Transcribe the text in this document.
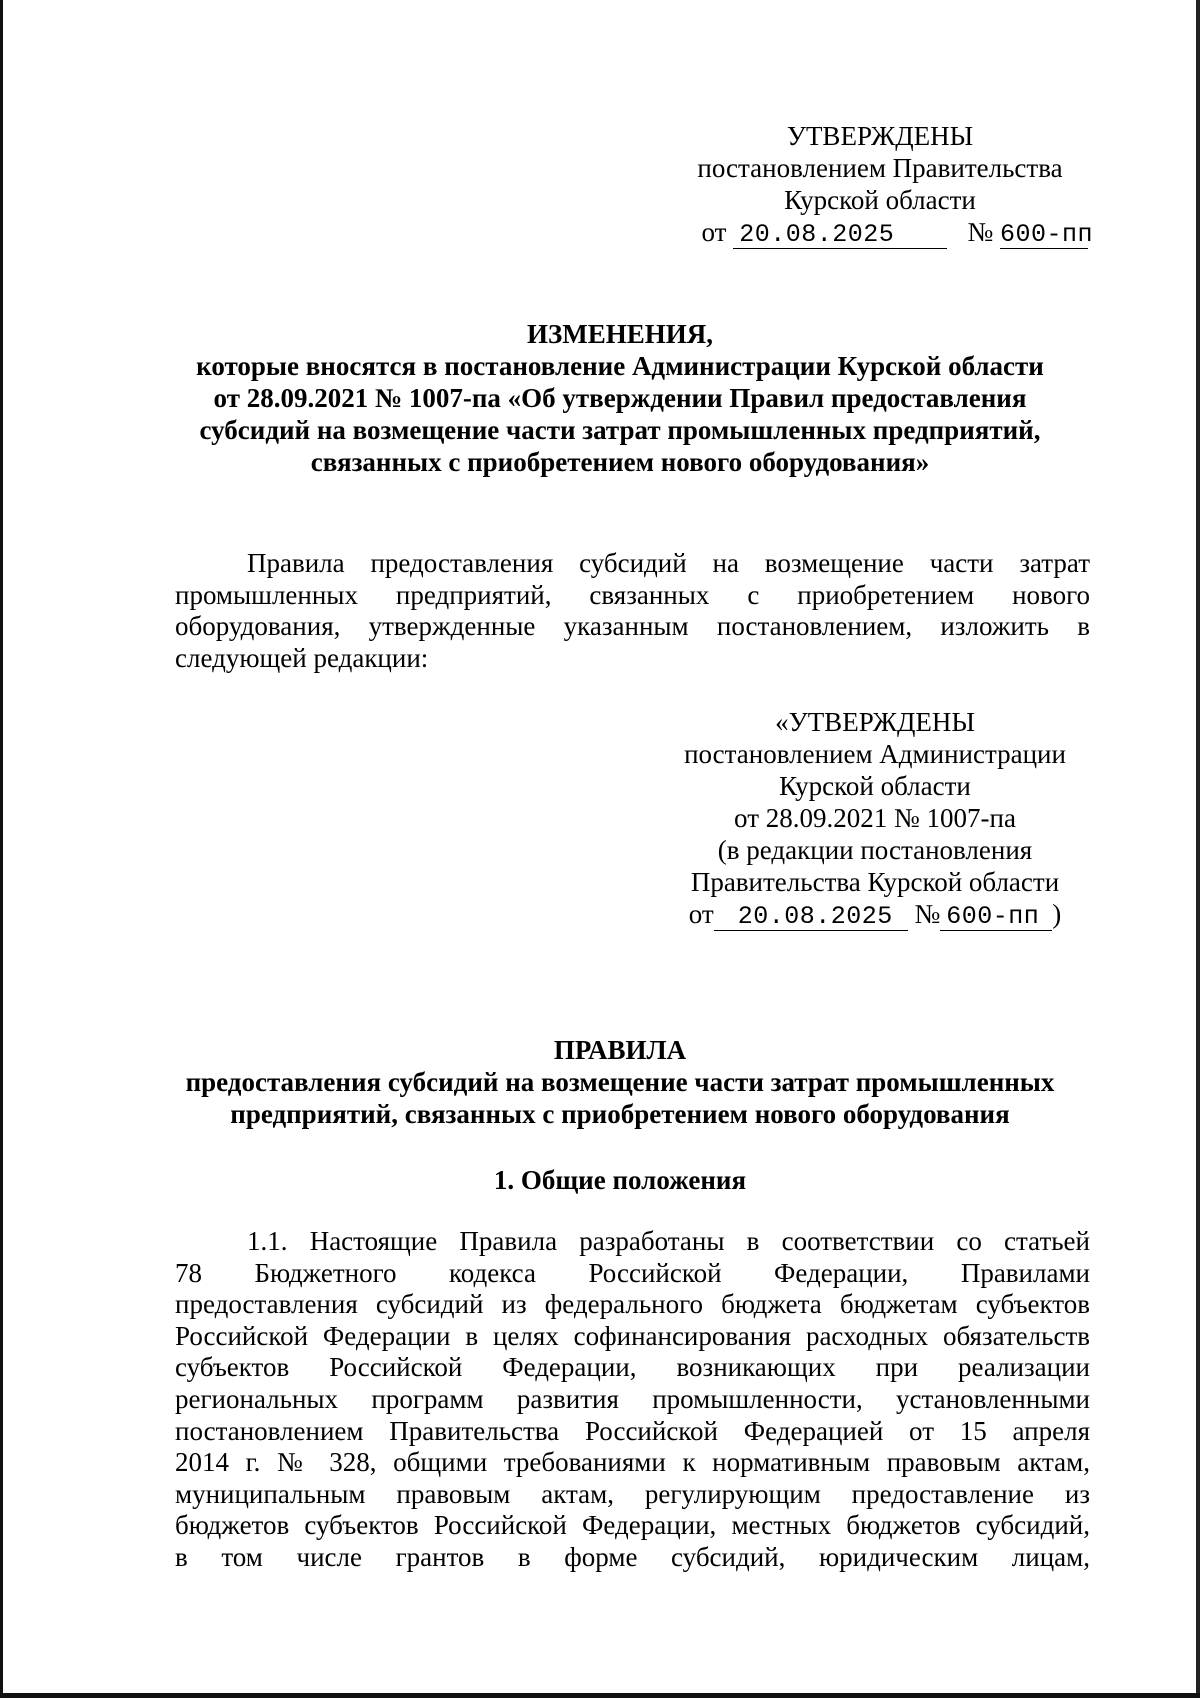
УТВЕРЖДЕНЫ
постановлением Правительства
Курской области
от 20.08.2025	№ 600-пп
ИЗМЕНЕНИЯ,
которые вносятся в постановление Администрации Курской области
от 28.09.2021 № 1007-па «Об утверждении Правил предоставления
субсидий на возмещение части затрат промышленных предприятий,
связанных с приобретением нового оборудования»
Правила предоставления субсидий на возмещение части затрат
промышленных предприятий, связанных с приобретением нового
оборудования, утвержденные указанным постановлением, изложить в
следующей редакции:
«УТВЕРЖДЕНЫ
постановлением Администрации
Курской области
от 28.09.2021 № 1007-па
(в редакции постановления
Правительства Курской области
от 20.08.2025 № 600-пп )
ПРАВИЛА
предоставления субсидий на возмещение части затрат промышленных
предприятий, связанных с приобретением нового оборудования
1. Общие положения
1.1. Настоящие Правила разработаны в соответствии со статьей
78 Бюджетного кодекса Российской Федерации, Правилами
предоставления субсидий из федерального бюджета бюджетам субъектов
Российской Федерации в целях софинансирования расходных обязательств
субъектов Российской Федерации, возникающих при реализации
региональных программ развития промышленности, установленными
постановлением Правительства Российской Федерацией от 15 апреля
2014 г. № 328, общими требованиями к нормативным правовым актам,
муниципальным правовым актам, регулирующим предоставление из
бюджетов субъектов Российской Федерации, местных бюджетов субсидий,
в том числе грантов в форме субсидий, юридическим лицам,
